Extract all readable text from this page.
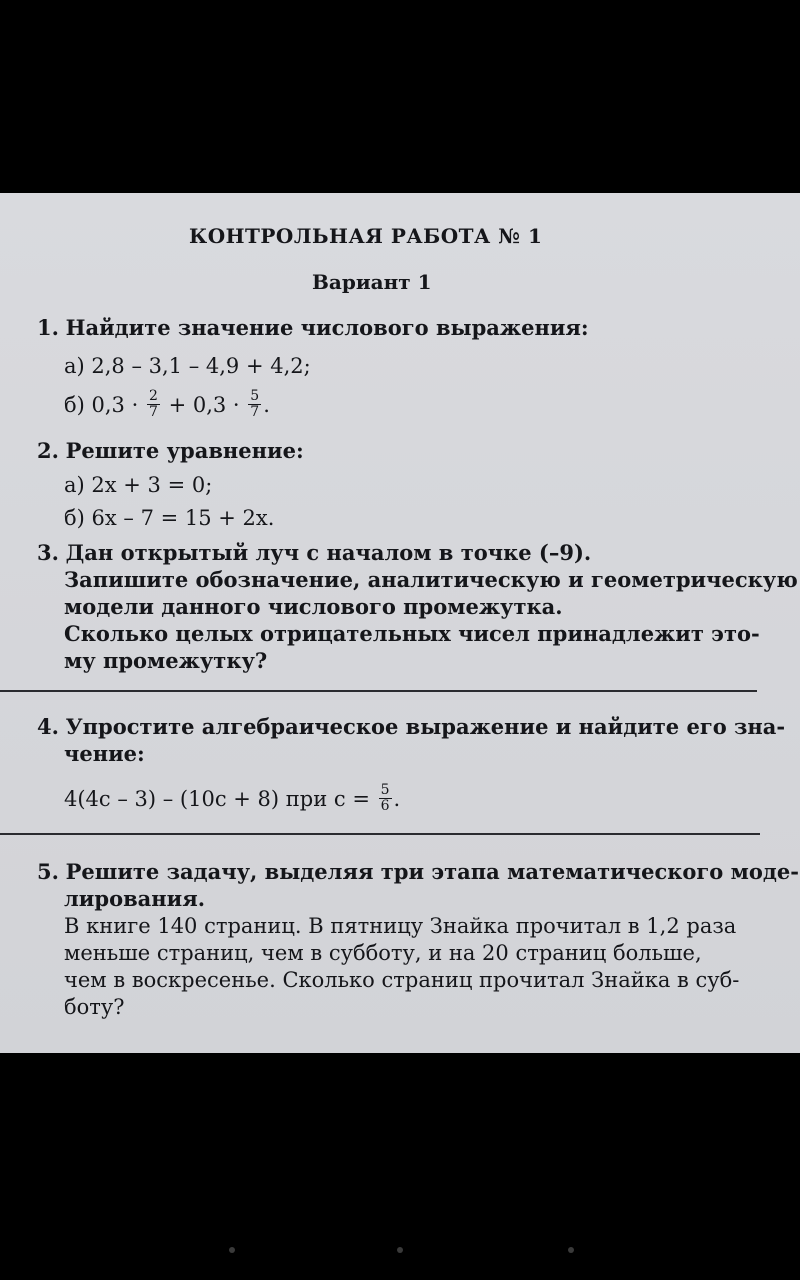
КОНТРОЛЬНАЯ РАБОТА № 1
Вариант 1
1. Найдите значение числового выражения:
а) 2,8 – 3,1 – 4,9 + 4,2;
б) $0,3 \cdot \frac{2}{7} + 0,3 \cdot \frac{5}{7}$ .
2. Решите уравнение:
а) 2x + 3 = 0;
б) 6x – 7 = 15 + 2x.
3. Дан открытый луч с началом в точке (–9).
Запишите обозначение, аналитическую и геометрическую
модели данного числового промежутка.
Сколько целых отрицательных чисел принадлежит это-
му промежутку?
4. Упростите алгебраическое выражение и найдите его зна-
чение:
4(4c – 3) – (10c + 8) при $c = \frac{5}{6}$ .
5. Решите задачу, выделяя три этапа математического моде-
лирования.
В книге 140 страниц. В пятницу Знайка прочитал в 1,2 раза
меньше страниц, чем в субботу, и на 20 страниц больше,
чем в воскресенье. Сколько страниц прочитал Знайка в суб-
боту?
